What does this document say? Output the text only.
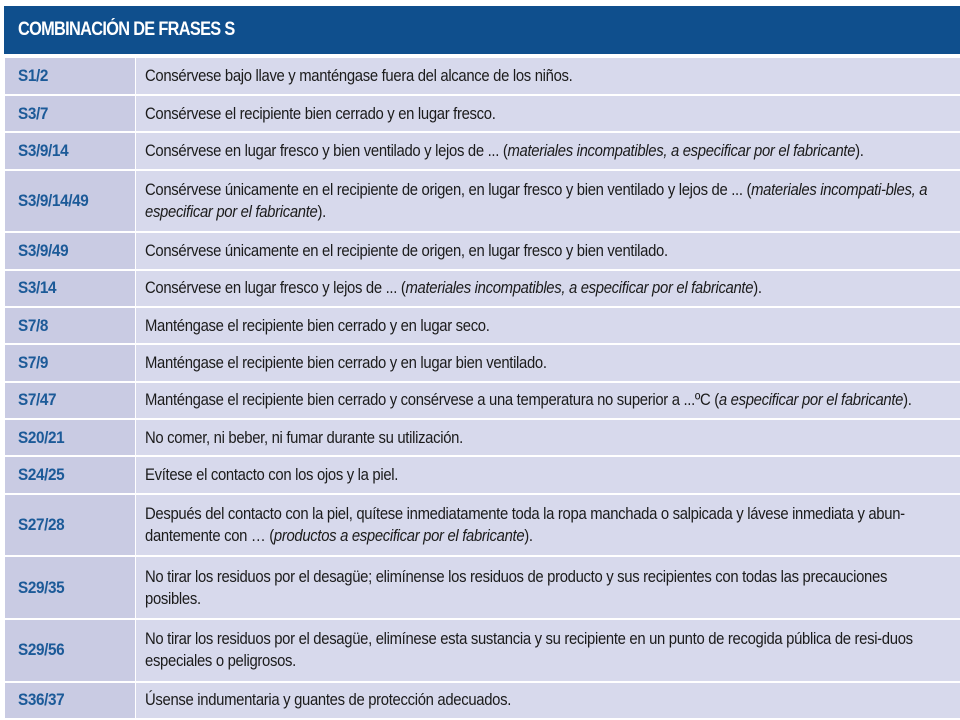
COMBINACIÓN DE FRASES S
S1/2	Consérvese bajo llave y manténgase fuera del alcance de los niños.

S3/7	Consérvese el recipiente bien cerrado y en lugar fresco.

S3/9/14	Consérvese en lugar fresco y bien ventilado y lejos de ... (materiales incompatibles, a especificar por el fabricante).

S3/9/14/49	Consérvese únicamente en el recipiente de origen, en lugar fresco y bien ventilado y lejos de ... (materiales incompati-bles, a especificar por el fabricante).

S3/9/49	Consérvese únicamente en el recipiente de origen, en lugar fresco y bien ventilado.

S3/14	Consérvese en lugar fresco y lejos de ... (materiales incompatibles, a especificar por el fabricante).

S7/8	Manténgase el recipiente bien cerrado y en lugar seco.

S7/9	Manténgase el recipiente bien cerrado y en lugar bien ventilado.

S7/47	Manténgase el recipiente bien cerrado y consérvese a una temperatura no superior a ...ºC (a especificar por el fabricante).

S20/21	No comer, ni beber, ni fumar durante su utilización.

S24/25	Evítese el contacto con los ojos y la piel.

S27/28	Después del contacto con la piel, quítese inmediatamente toda la ropa manchada o salpicada y lávese inmediata y abun-dantemente con … (productos a especificar por el fabricante).

S29/35	No tirar los residuos por el desagüe; elimínense los residuos de producto y sus recipientes con todas las precauciones posibles.

S29/56	No tirar los residuos por el desagüe, elimínese esta sustancia y su recipiente en un punto de recogida pública de resi-duos especiales o peligrosos.

S36/37	Úsense indumentaria y guantes de protección adecuados.
